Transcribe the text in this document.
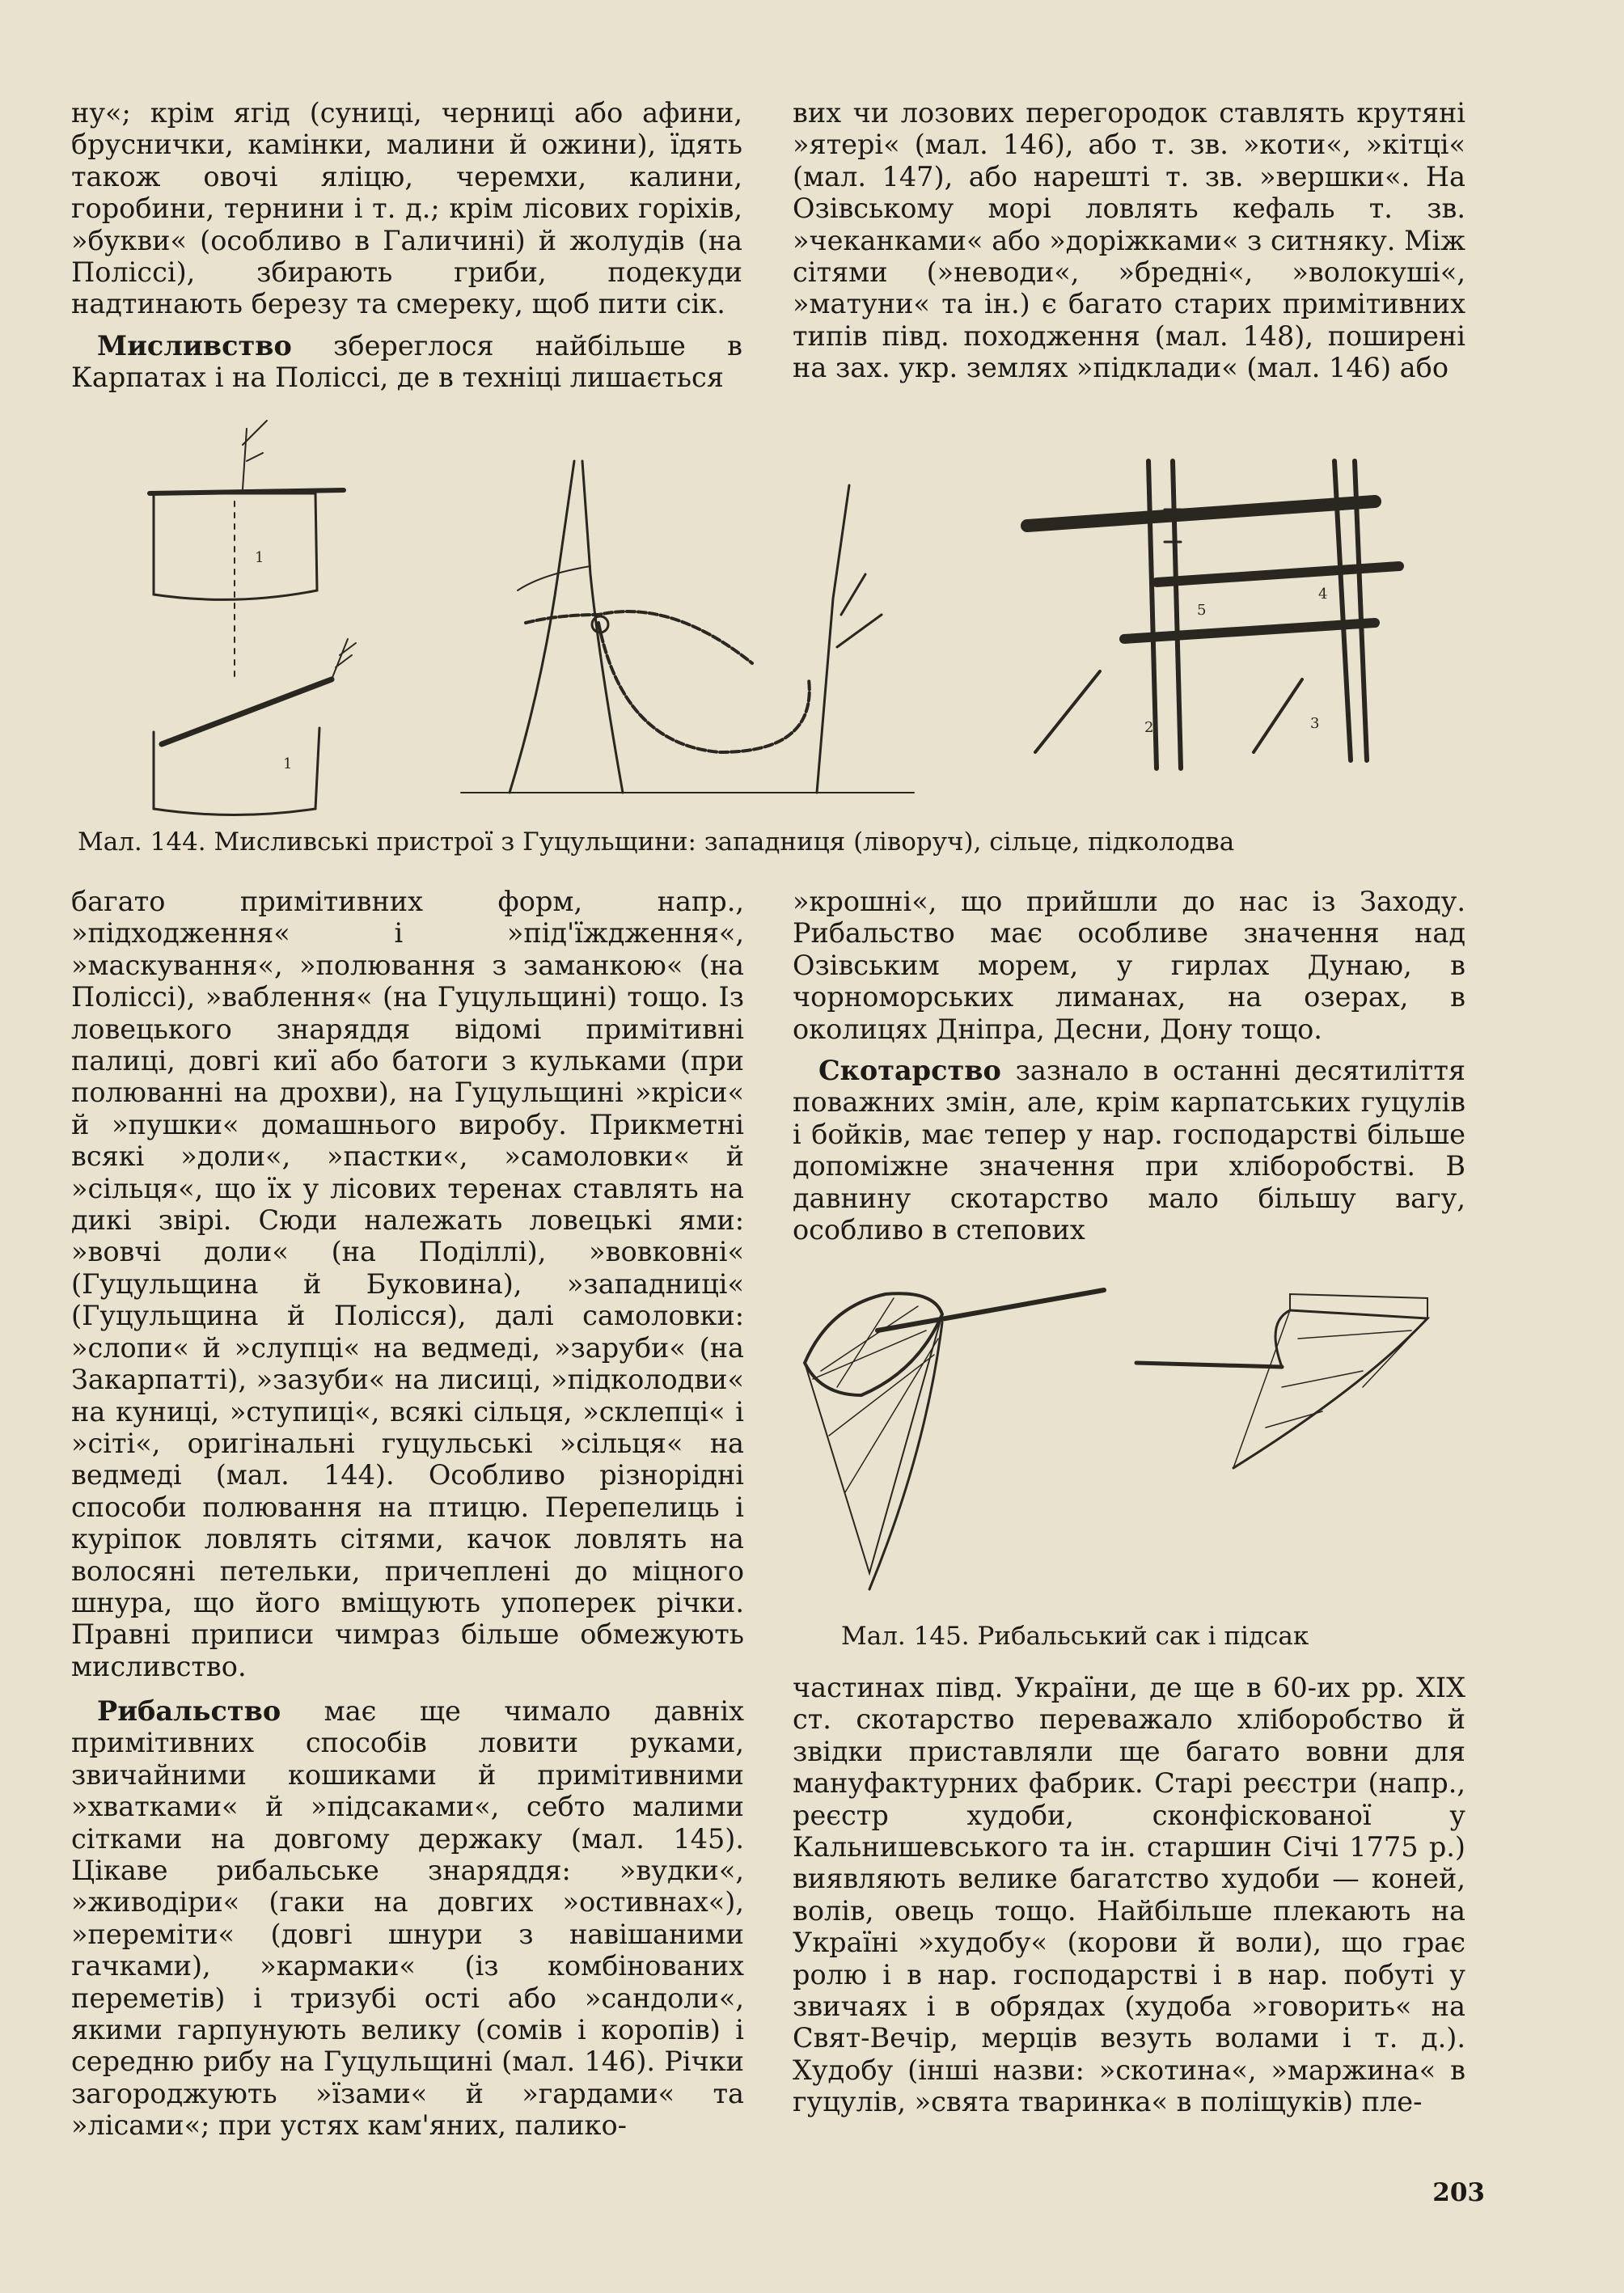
ну«; крім ягід (суниці, черниці або афини, бруснички, камінки, малини й ожини), їдять також овочі яліцю, черемхи, калини, горобини, тернини і т. д.; крім лісових горіхів, »букви« (особливо в Галичині) й жолудів (на Поліссі), збирають гриби, подекуди надтинають березу та смереку, щоб пити сік.

Мисливство зберeглося найбільше в Карпатах і на Поліссі, де в техніці лишається

вих чи лозових перегородок ставлять крутяні »ятері« (мал. 146), або т. зв. »коти«, »кітці« (мал. 147), або нарешті т. зв. »вершки«. На Озівському морі ловлять кефаль т. зв. »чеканками« або »доріжками« з ситняку. Між сітями (»неводи«, »бредні«, »волокуші«, »матуни« та ін.) є багато старих примітивних типів півд. походження (мал. 148), поширені на зах. укр. землях »підклади« (мал. 146) або

1
1
2	3
4
5
Мал. 144. Мисливські пристрої з Гуцульщини: западниця (ліворуч), сільце, підколодва

багато примітивних форм, напр., »підходження« і »під'їждження«, »маскування«, »полювання з заманкою« (на Поліссі), »ваблення« (на Гуцульщині) тощо. Із ловецького знаряддя відомі примітивні палиці, довгі киї або батоги з кульками (при полюванні на дрохви), на Гуцульщині »кріси« й »пушки« домашнього виробу. Прикметні всякі »доли«, »пастки«, »самоловки« й »сільця«, що їх у лісових теренах ставлять на дикі звірі. Сюди належать ловецькі ями: »вовчі доли« (на Поділлі), »вовковні« (Гуцульщина й Буковина), »западниці« (Гуцульщина й Полісся), далі самоловки: »слопи« й »слупці« на ведмеді, »заруби« (на Закарпатті), »зазуби« на лисиці, »підколодви« на куниці, »ступиці«, всякі сільця, »склепці« і »сіті«, оригінальні гуцульські »сільця« на ведмеді (мал. 144). Особливо різнорідні способи полювання на птицю. Перепелиць і курiпок ловлять сітями, качок ловлять на волосяні петельки, причеплені до міцного шнура, що його вміщують упоперек річки. Правні приписи чимраз більше обмежують мисливство.

»крошні«, що прийшли до нас із Заходу. Рибальство має особливе значення над Озівським морем, у гирлах Дунаю, в чорноморських лиманах, на озерах, в околицях Дніпра, Десни, Дону тощо.

Скотарство зазнало в останні десятиліття поважних змін, але, крім карпатських гуцулів і бойків, має тепер у нар. господарстві більше допоміжне значення при хліборобстві. В давнину скотарство мало більшу вагу, особливо в степових

Мал. 145. Рибальський сак і підсак

Рибальство має ще чимало давніх примітивних способів ловити руками, звичайними кошиками й примітивними »хватками« й »підсаками«, себто малими сітками на довгому держаку (мал. 145). Цікаве рибальське знаряддя: »вудки«, »живодіри« (гаки на довгих »остивнах«), »переміти« (довгі шнури з навішаними гачками), »кармаки« (із комбінованих переметів) і тризубі ості або »сандоли«, якими гарпунують велику (сомів і коропів) і середню рибу на Гуцульщині (мал. 146). Річки загороджують »їзами« й »гардами« та »лісами«; при устях кам'яних, палико-

частинах півд. України, де ще в 60-их рр. XIX ст. скотарство переважало хліборобство й звідки приставляли ще багато вовни для мануфактурних фабрик. Старі реєстри (напр., реєстр худоби, сконфіскованої у Кальнишевського та ін. старшин Січі 1775 р.) виявляють велике багатство худоби — коней, волів, овець тощо. Найбільше плекають на Україні »худобу« (корови й воли), що грає ролю і в нар. господарстві і в нар. побуті у звичаях і в обрядах (худоба »говорить« на Свят-Вечір, мерців везуть волами і т. д.). Худобу (інші назви: »скотина«, »маржина« в гуцулів, »свята тваринка« в поліщуків) пле-

203
